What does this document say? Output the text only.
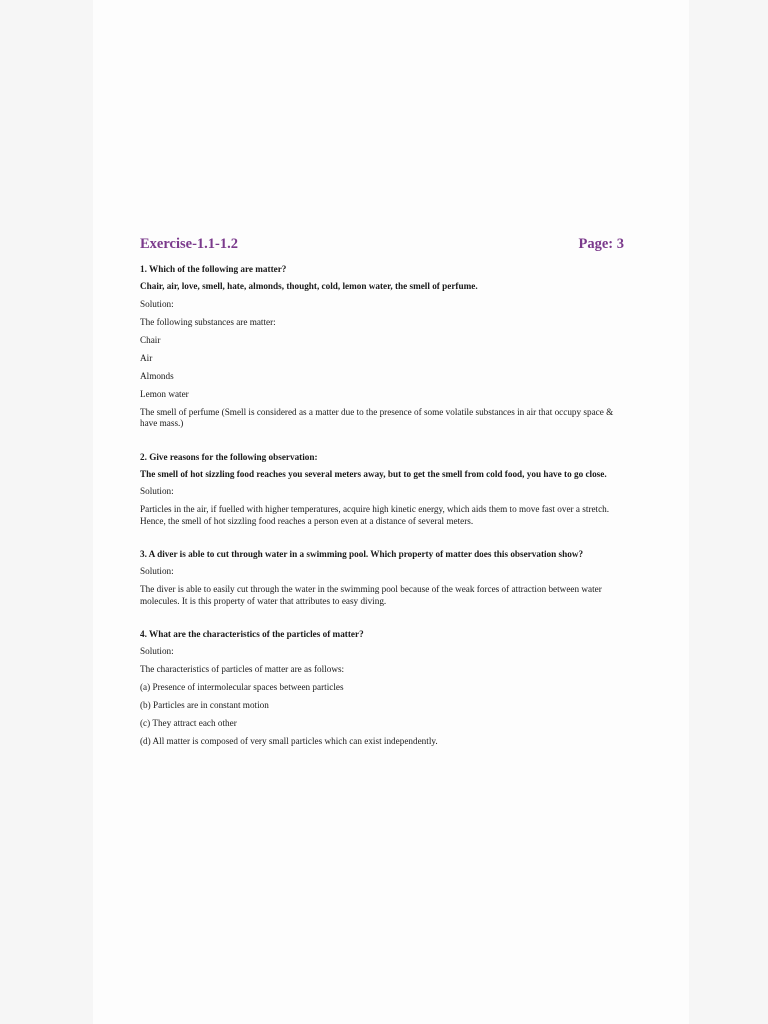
Exercise-1.1-1.2	Page: 3

1. Which of the following are matter?

Chair, air, love, smell, hate, almonds, thought, cold, lemon water, the smell of perfume.

Solution:

The following substances are matter:

Chair

Air

Almonds

Lemon water

The smell of perfume (Smell is considered as a matter due to the presence of some volatile substances in air that occupy space & have mass.)

2. Give reasons for the following observation:

The smell of hot sizzling food reaches you several meters away, but to get the smell from cold food, you have to go close.

Solution:

Particles in the air, if fuelled with higher temperatures, acquire high kinetic energy, which aids them to move fast over a stretch. Hence, the smell of hot sizzling food reaches a person even at a distance of several meters.

3. A diver is able to cut through water in a swimming pool. Which property of matter does this observation show?

Solution:

The diver is able to easily cut through the water in the swimming pool because of the weak forces of attraction between water molecules. It is this property of water that attributes to easy diving.

4. What are the characteristics of the particles of matter?

Solution:

The characteristics of particles of matter are as follows:

(a) Presence of intermolecular spaces between particles

(b) Particles are in constant motion

(c) They attract each other

(d) All matter is composed of very small particles which can exist independently.
